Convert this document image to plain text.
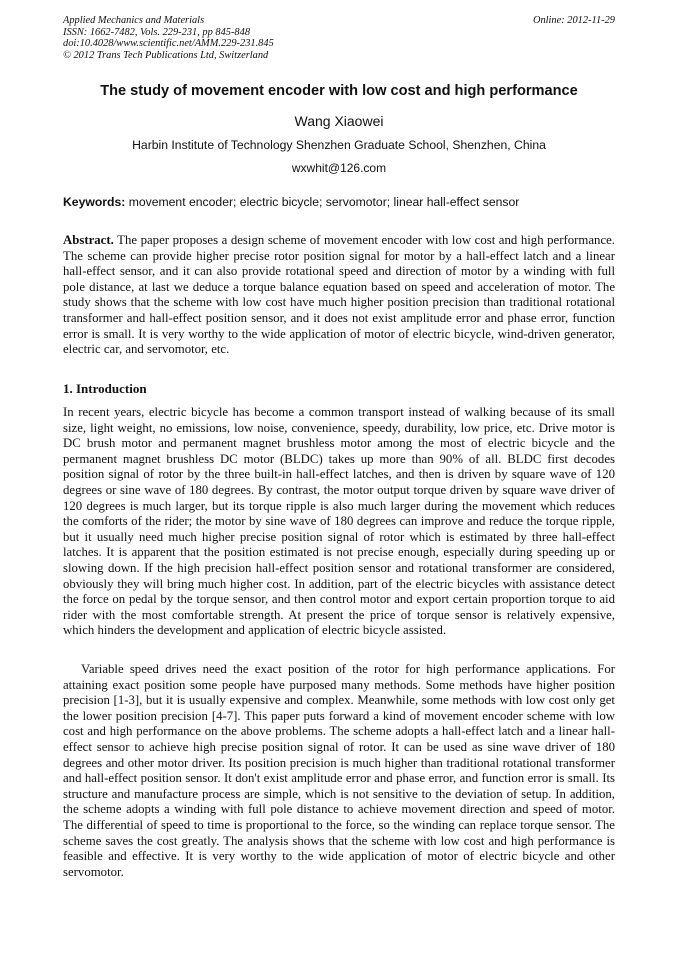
Applied Mechanics and Materials
ISSN: 1662-7482, Vols. 229-231, pp 845-848
doi:10.4028/www.scientific.net/AMM.229-231.845
© 2012 Trans Tech Publications Ltd, Switzerland
Online: 2012-11-29
The study of movement encoder with low cost and high performance
Wang Xiaowei
Harbin Institute of Technology Shenzhen Graduate School, Shenzhen, China
wxwhit@126.com
Keywords: movement encoder; electric bicycle; servomotor; linear hall-effect sensor
Abstract. The paper proposes a design scheme of movement encoder with low cost and high performance. The scheme can provide higher precise rotor position signal for motor by a hall-effect latch and a linear hall-effect sensor, and it can also provide rotational speed and direction of motor by a winding with full pole distance, at last we deduce a torque balance equation based on speed and acceleration of motor. The study shows that the scheme with low cost have much higher position precision than traditional rotational transformer and hall-effect position sensor, and it does not exist amplitude error and phase error, function error is small. It is very worthy to the wide application of motor of electric bicycle, wind-driven generator, electric car, and servomotor, etc.
1. Introduction
In recent years, electric bicycle has become a common transport instead of walking because of its small size, light weight, no emissions, low noise, convenience, speedy, durability, low price, etc. Drive motor is DC brush motor and permanent magnet brushless motor among the most of electric bicycle and the permanent magnet brushless DC motor (BLDC) takes up more than 90% of all. BLDC first decodes position signal of rotor by the three built-in hall-effect latches, and then is driven by square wave of 120 degrees or sine wave of 180 degrees. By contrast, the motor output torque driven by square wave driver of 120 degrees is much larger, but its torque ripple is also much larger during the movement which reduces the comforts of the rider; the motor by sine wave of 180 degrees can improve and reduce the torque ripple, but it usually need much higher precise position signal of rotor which is estimated by three hall-effect latches. It is apparent that the position estimated is not precise enough, especially during speeding up or slowing down. If the high precision hall-effect position sensor and rotational transformer are considered, obviously they will bring much higher cost. In addition, part of the electric bicycles with assistance detect the force on pedal by the torque sensor, and then control motor and export certain proportion torque to aid rider with the most comfortable strength. At present the price of torque sensor is relatively expensive, which hinders the development and application of electric bicycle assisted.
Variable speed drives need the exact position of the rotor for high performance applications. For attaining exact position some people have purposed many methods. Some methods have higher position precision [1-3], but it is usually expensive and complex. Meanwhile, some methods with low cost only get the lower position precision [4-7]. This paper puts forward a kind of movement encoder scheme with low cost and high performance on the above problems. The scheme adopts a hall-effect latch and a linear hall-effect sensor to achieve high precise position signal of rotor. It can be used as sine wave driver of 180 degrees and other motor driver. Its position precision is much higher than traditional rotational transformer and hall-effect position sensor. It don't exist amplitude error and phase error, and function error is small. Its structure and manufacture process are simple, which is not sensitive to the deviation of setup. In addition, the scheme adopts a winding with full pole distance to achieve movement direction and speed of motor. The differential of speed to time is proportional to the force, so the winding can replace torque sensor. The scheme saves the cost greatly. The analysis shows that the scheme with low cost and high performance is feasible and effective. It is very worthy to the wide application of motor of electric bicycle and other servomotor.
